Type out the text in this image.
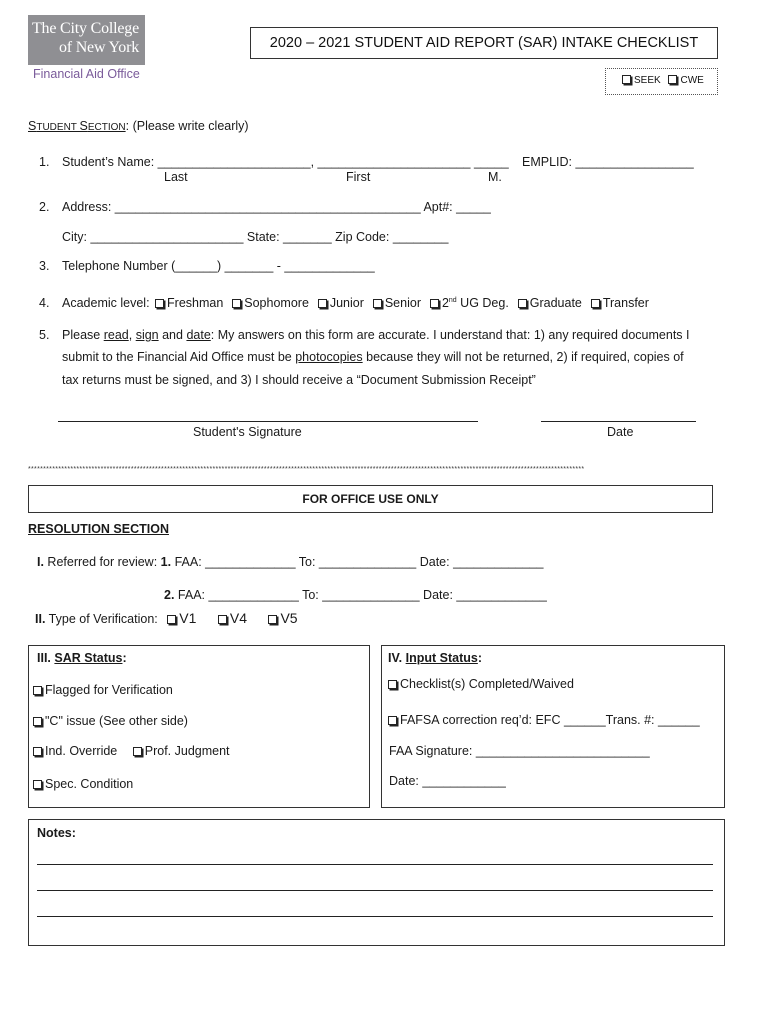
The City College
of New York
Financial Aid Office
2020 – 2021 STUDENT AID REPORT (SAR) INTAKE CHECKLIST
SEEK CWE
STUDENT SECTION: (Please write clearly)
1. Student’s Name: ______________________, ______________________ _____ EMPLID: _________________
Last	First	M.
2. Address: ____________________________________________ Apt#: _____
City: ______________________ State: _______ Zip Code: ________
3. Telephone Number (______) _______ - _____________
4. Academic level: Freshman Sophomore Junior Senior 2nd UG Deg. Graduate Transfer
5. Please read, sign and date: My answers on this form are accurate. I understand that: 1) any required documents I
submit to the Financial Aid Office must be photocopies because they will not be returned, 2) if required, copies of
tax returns must be signed, and 3) I should receive a “Document Submission Receipt”
Student's Signature	Date
****************************************************************************************************************************************************************************************
FOR OFFICE USE ONLY
RESOLUTION SECTION
I. Referred for review: 1. FAA: _____________ To: ______________ Date: _____________
2. FAA: _____________ To: ______________ Date: _____________
II. Type of Verification: V1 V4 V5
III. SAR Status:
Flagged for Verification
"C" issue (See other side)
Ind. Override Prof. Judgment
Spec. Condition
IV. Input Status:
Checklist(s) Completed/Waived
FAFSA correction req’d: EFC ______Trans. #: ______
FAA Signature: _________________________
Date: ____________
Notes:
